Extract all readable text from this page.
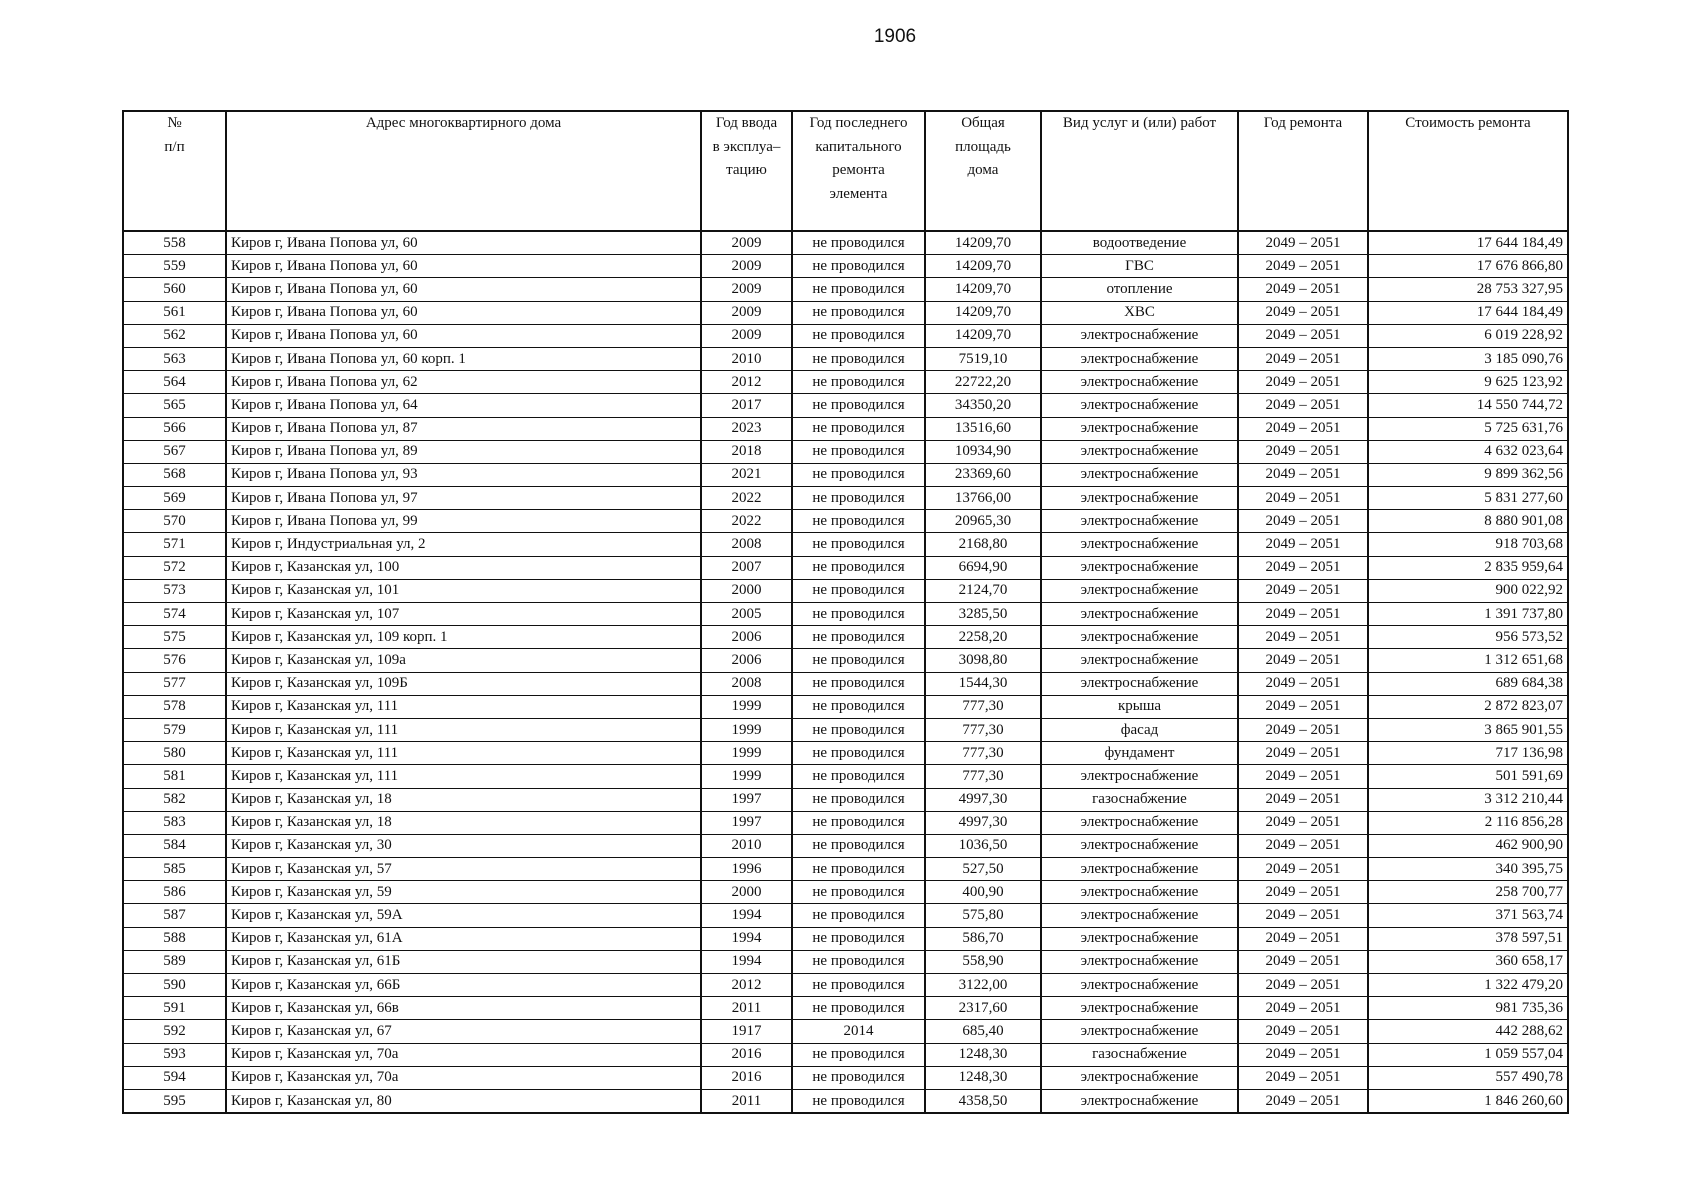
1906
№
п/п	Адрес многоквартирного дома	Год ввода
в эксплуа–
тацию	Год последнего
капитального
ремонта
элемента	Общая
площадь
дома	Вид услуг и (или) работ	Год ремонта	Стоимость ремонта
558	Киров г, Ивана Попова ул, 60	2009	не проводился	14209,70	водоотведение	2049 – 2051	17 644 184,49
559	Киров г, Ивана Попова ул, 60	2009	не проводился	14209,70	ГВС	2049 – 2051	17 676 866,80
560	Киров г, Ивана Попова ул, 60	2009	не проводился	14209,70	отопление	2049 – 2051	28 753 327,95
561	Киров г, Ивана Попова ул, 60	2009	не проводился	14209,70	ХВС	2049 – 2051	17 644 184,49
562	Киров г, Ивана Попова ул, 60	2009	не проводился	14209,70	электроснабжение	2049 – 2051	6 019 228,92
563	Киров г, Ивана Попова ул, 60 корп. 1	2010	не проводился	7519,10	электроснабжение	2049 – 2051	3 185 090,76
564	Киров г, Ивана Попова ул, 62	2012	не проводился	22722,20	электроснабжение	2049 – 2051	9 625 123,92
565	Киров г, Ивана Попова ул, 64	2017	не проводился	34350,20	электроснабжение	2049 – 2051	14 550 744,72
566	Киров г, Ивана Попова ул, 87	2023	не проводился	13516,60	электроснабжение	2049 – 2051	5 725 631,76
567	Киров г, Ивана Попова ул, 89	2018	не проводился	10934,90	электроснабжение	2049 – 2051	4 632 023,64
568	Киров г, Ивана Попова ул, 93	2021	не проводился	23369,60	электроснабжение	2049 – 2051	9 899 362,56
569	Киров г, Ивана Попова ул, 97	2022	не проводился	13766,00	электроснабжение	2049 – 2051	5 831 277,60
570	Киров г, Ивана Попова ул, 99	2022	не проводился	20965,30	электроснабжение	2049 – 2051	8 880 901,08
571	Киров г, Индустриальная ул, 2	2008	не проводился	2168,80	электроснабжение	2049 – 2051	918 703,68
572	Киров г, Казанская ул, 100	2007	не проводился	6694,90	электроснабжение	2049 – 2051	2 835 959,64
573	Киров г, Казанская ул, 101	2000	не проводился	2124,70	электроснабжение	2049 – 2051	900 022,92
574	Киров г, Казанская ул, 107	2005	не проводился	3285,50	электроснабжение	2049 – 2051	1 391 737,80
575	Киров г, Казанская ул, 109 корп. 1	2006	не проводился	2258,20	электроснабжение	2049 – 2051	956 573,52
576	Киров г, Казанская ул, 109а	2006	не проводился	3098,80	электроснабжение	2049 – 2051	1 312 651,68
577	Киров г, Казанская ул, 109Б	2008	не проводился	1544,30	электроснабжение	2049 – 2051	689 684,38
578	Киров г, Казанская ул, 111	1999	не проводился	777,30	крыша	2049 – 2051	2 872 823,07
579	Киров г, Казанская ул, 111	1999	не проводился	777,30	фасад	2049 – 2051	3 865 901,55
580	Киров г, Казанская ул, 111	1999	не проводился	777,30	фундамент	2049 – 2051	717 136,98
581	Киров г, Казанская ул, 111	1999	не проводился	777,30	электроснабжение	2049 – 2051	501 591,69
582	Киров г, Казанская ул, 18	1997	не проводился	4997,30	газоснабжение	2049 – 2051	3 312 210,44
583	Киров г, Казанская ул, 18	1997	не проводился	4997,30	электроснабжение	2049 – 2051	2 116 856,28
584	Киров г, Казанская ул, 30	2010	не проводился	1036,50	электроснабжение	2049 – 2051	462 900,90
585	Киров г, Казанская ул, 57	1996	не проводился	527,50	электроснабжение	2049 – 2051	340 395,75
586	Киров г, Казанская ул, 59	2000	не проводился	400,90	электроснабжение	2049 – 2051	258 700,77
587	Киров г, Казанская ул, 59А	1994	не проводился	575,80	электроснабжение	2049 – 2051	371 563,74
588	Киров г, Казанская ул, 61А	1994	не проводился	586,70	электроснабжение	2049 – 2051	378 597,51
589	Киров г, Казанская ул, 61Б	1994	не проводился	558,90	электроснабжение	2049 – 2051	360 658,17
590	Киров г, Казанская ул, 66Б	2012	не проводился	3122,00	электроснабжение	2049 – 2051	1 322 479,20
591	Киров г, Казанская ул, 66в	2011	не проводился	2317,60	электроснабжение	2049 – 2051	981 735,36
592	Киров г, Казанская ул, 67	1917	2014	685,40	электроснабжение	2049 – 2051	442 288,62
593	Киров г, Казанская ул, 70а	2016	не проводился	1248,30	газоснабжение	2049 – 2051	1 059 557,04
594	Киров г, Казанская ул, 70а	2016	не проводился	1248,30	электроснабжение	2049 – 2051	557 490,78
595	Киров г, Казанская ул, 80	2011	не проводился	4358,50	электроснабжение	2049 – 2051	1 846 260,60
